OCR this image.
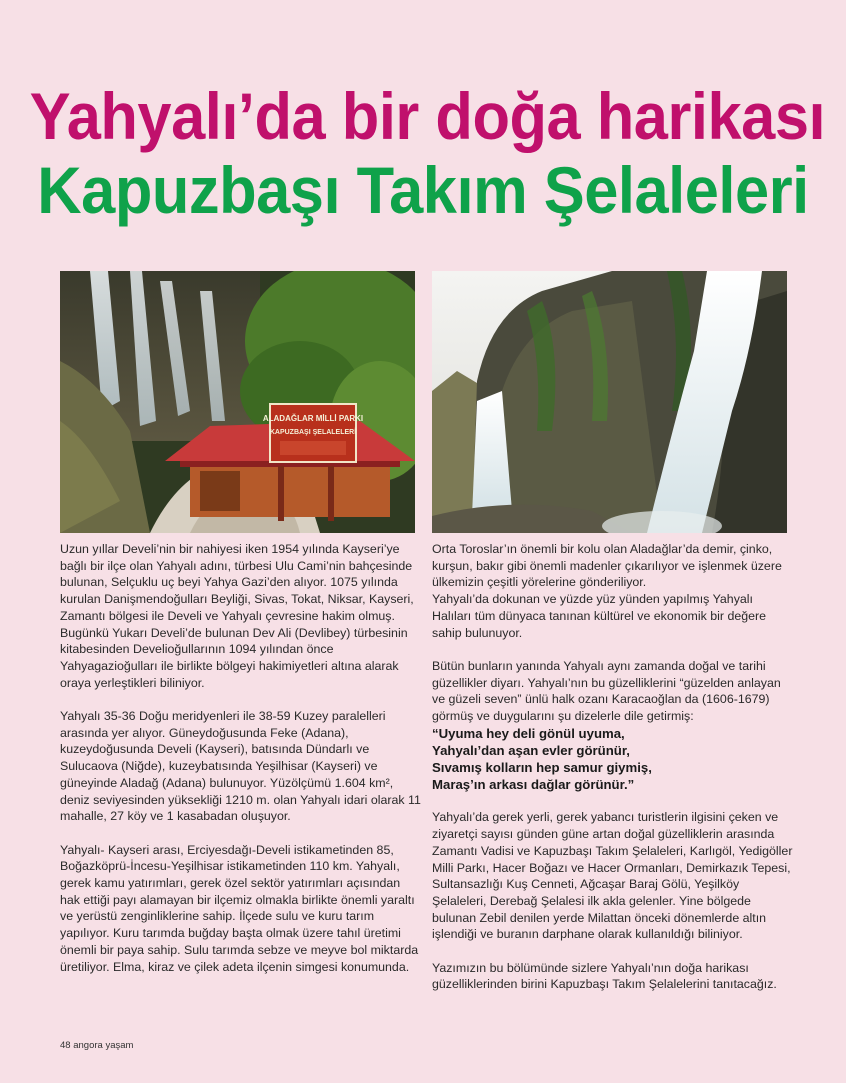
Yahyalı’da bir doğa harikası
Kapuzbaşı Takım Şelaleleri
ALADAĞLAR MİLLİ PARKI
KAPUZBAŞI ŞELALELERİ

Uzun yıllar Develi’nin bir nahiyesi iken 1954 yılında Kayseri’ye bağlı bir ilçe olan Yahyalı adını, türbesi Ulu Cami’nin bahçesinde bulunan, Selçuklu uç beyi Yahya Gazi’den alıyor. 1075 yılında kurulan Danişmendoğulları Beyliği, Sivas, Tokat, Niksar, Kayseri, Zamantı bölgesi ile Develi ve Yahyalı çevresine hakim olmuş. Bugünkü Yukarı Develi’de bulunan Dev Ali (Devlibey) türbesinin kitabesinden Develioğullarının 1094 yılından önce Yahyagazioğulları ile birlikte bölgeyi hakimiyetleri altına alarak oraya yerleştikleri biliniyor.

Yahyalı 35-36 Doğu meridyenleri ile 38-59 Kuzey paralelleri arasında yer alıyor. Güneydoğusunda Feke (Adana), kuzeydoğusunda Develi (Kayseri), batısında Dündarlı ve Sulucaova (Niğde), kuzeybatısında Yeşilhisar (Kayseri) ve güneyinde Aladağ (Adana) bulunuyor. Yüzölçümü 1.604 km², deniz seviyesinden yüksekliği 1210 m. olan Yahyalı idari olarak 11 mahalle, 27 köy ve 1 kasabadan oluşuyor.

Yahyalı- Kayseri arası, Erciyesdağı-Develi istikametinden 85, Boğazköprü-İncesu-Yeşilhisar istikametinden 110 km. Yahyalı, gerek kamu yatırımları, gerek özel sektör yatırımları açısından hak ettiği payı alamayan bir ilçemiz olmakla birlikte önemli yaraltı ve yerüstü zenginliklerine sahip. İlçede sulu ve kuru tarım yapılıyor. Kuru tarımda buğday başta olmak üzere tahıl üretimi önemli bir paya sahip. Sulu tarımda sebze ve meyve bol miktarda üretiliyor. Elma, kiraz ve çilek adeta ilçenin simgesi konumunda.

Orta Toroslar’ın önemli bir kolu olan Aladağlar’da demir, çinko, kurşun, bakır gibi önemli madenler çıkarılıyor ve işlenmek üzere ülkemizin çeşitli yörelerine gönderiliyor.

Yahyalı’da dokunan ve yüzde yüz yünden yapılmış Yahyalı Halıları tüm dünyaca tanınan kültürel ve ekonomik bir değere sahip bulunuyor.

Bütün bunların yanında Yahyalı aynı zamanda doğal ve tarihi güzellikler diyarı. Yahyalı’nın bu güzelliklerini “güzelden anlayan ve güzeli seven” ünlü halk ozanı Karacaoğlan da (1606-1679) görmüş ve duygularını şu dizelerle dile getirmiş:

“Uyuma hey deli gönül uyuma,

Yahyalı’dan aşan evler görünür,

Sıvamış kolların hep samur giymiş,

Maraş’ın arkası dağlar görünür.”

Yahyalı’da gerek yerli, gerek yabancı turistlerin ilgisini çeken ve ziyaretçi sayısı günden güne artan doğal güzelliklerin arasında Zamantı Vadisi ve Kapuzbaşı Takım Şelaleleri, Karlıgöl, Yedigöller Milli Parkı, Hacer Boğazı ve Hacer Ormanları, Demirkazık Tepesi, Sultansazlığı Kuş Cenneti, Ağcaşar Baraj Gölü, Yeşilköy Şelaleleri, Derebağ Şelalesi ilk akla gelenler. Yine bölgede bulunan Zebil denilen yerde Milattan önceki dönemlerde altın işlendiği ve buranın darphane olarak kullanıldığı biliniyor.

Yazımızın bu bölümünde sizlere Yahyalı’nın doğa harikası güzelliklerinden birini Kapuzbaşı Takım Şelalelerini tanıtacağız.

48 angora yaşam
